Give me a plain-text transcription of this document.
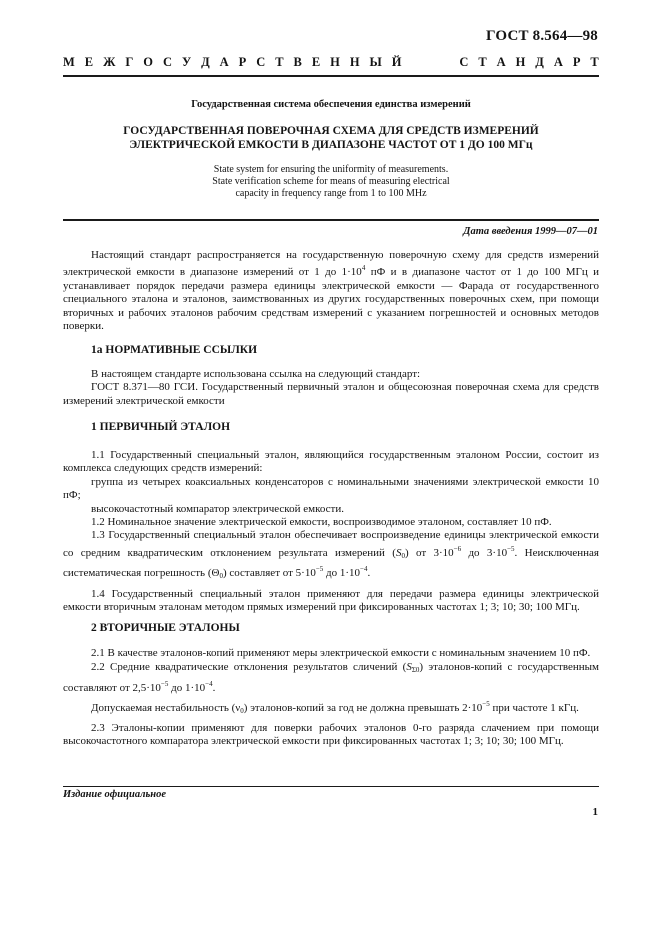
ГОСТ 8.564—98
М Е Ж Г О С У Д А Р С Т В Е Н Н Ы Й	С Т А Н Д А Р Т
Государственная система обеспечения единства измерений
ГОСУДАРСТВЕННАЯ ПОВЕРОЧНАЯ СХЕМА ДЛЯ СРЕДСТВ ИЗМЕРЕНИЙ
ЭЛЕКТРИЧЕСКОЙ ЕМКОСТИ В ДИАПАЗОНЕ ЧАСТОТ ОТ 1 ДО 100 МГц
State system for ensuring the uniformity of measurements.
State verification scheme for means of measuring electrical
capacity in frequency range from 1 to 100 MHz
Дата введения 1999—07—01

Настоящий стандарт распространяется на государственную поверочную схему для средств измерений электрической емкости в диапазоне измерений от 1 до $1\cdot 10^4$ пФ и в диапазоне частот от 1 до 100 МГц и устанавливает порядок передачи размера единицы электрической емкости — Фарада от государственного специального эталона и эталонов, заимствованных из других государственных поверочных схем, при помощи вторичных и рабочих эталонов рабочим средствам измерений с указанием погрешностей и основных методов поверки.

1а НОРМАТИВНЫЕ ССЫЛКИ

В настоящем стандарте использована ссылка на следующий стандарт:

ГОСТ 8.371—80 ГСИ. Государственный первичный эталон и общесоюзная поверочная схема для средств измерений электрической емкости

1 ПЕРВИЧНЫЙ ЭТАЛОН

1.1 Государственный специальный эталон, являющийся государственным эталоном России, состоит из комплекса следующих средств измерений:

группа из четырех коаксиальных конденсаторов с номинальными значениями электрической емкости 10 пФ;

высокочастотный компаратор электрической емкости.

1.2 Номинальное значение электрической емкости, воспроизводимое эталоном, составляет 10 пФ.

1.3 Государственный специальный эталон обеспечивает воспроизведение единицы электрической емкости со средним квадратическим отклонением результата измерений $(S_0)$ от $3\cdot 10^{-6}$ до $3\cdot 10^{-5}$. Неисключенная систематическая погрешность $(\Theta_0)$ составляет от $5\cdot 10^{-5}$ до $1\cdot 10^{-4}$.

1.4 Государственный специальный эталон применяют для передачи размера единицы электрической емкости вторичным эталонам методом прямых измерений при фиксированных частотах 1; 3; 10; 30; 100 МГц.

2 ВТОРИЧНЫЕ ЭТАЛОНЫ

2.1 В качестве эталонов-копий применяют меры электрической емкости с номинальным значением 10 пФ.

2.2 Средние квадратические отклонения результатов сличений $(S_{\Sigma 0})$ эталонов-копий с государственным составляют от $2,5\cdot 10^{-5}$ до $1\cdot 10^{-4}$.

Допускаемая нестабильность $(\nu_0)$ эталонов-копий за год не должна превышать $2\cdot 10^{-5}$ при частоте 1 кГц.

2.3 Эталоны-копии применяют для поверки рабочих эталонов 0-го разряда слачением при помощи высокочастотного компаратора электрической емкости при фиксированных частотах 1; 3; 10; 30; 100 МГц.

Издание официальное
1
